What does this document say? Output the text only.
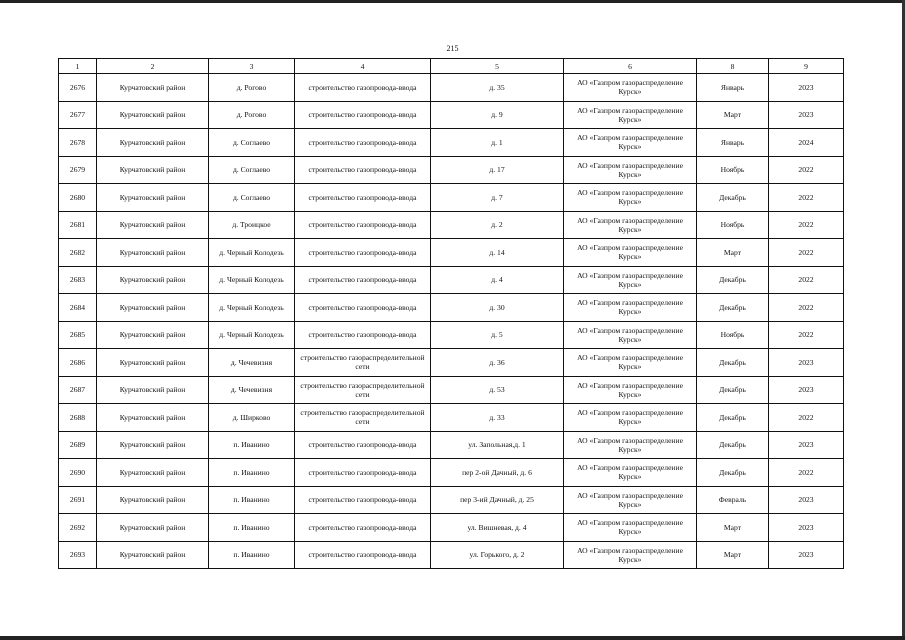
215
1	2	3	4	5	6	8	9
2676	Курчатовский район	д. Рогово	строительство газопровода-ввода	д. 35	АО «Газпром газораспределение Курск»	Январь	2023
2677	Курчатовский район	д. Рогово	строительство газопровода-ввода	д. 9	АО «Газпром газораспределение Курск»	Март	2023
2678	Курчатовский район	д. Соглаево	строительство газопровода-ввода	д. 1	АО «Газпром газораспределение Курск»	Январь	2024
2679	Курчатовский район	д. Соглаево	строительство газопровода-ввода	д. 17	АО «Газпром газораспределение Курск»	Ноябрь	2022
2680	Курчатовский район	д. Соглаево	строительство газопровода-ввода	д. 7	АО «Газпром газораспределение Курск»	Декабрь	2022
2681	Курчатовский район	д. Троицкое	строительство газопровода-ввода	д. 2	АО «Газпром газораспределение Курск»	Ноябрь	2022
2682	Курчатовский район	д. Черный Колодезь	строительство газопровода-ввода	д. 14	АО «Газпром газораспределение Курск»	Март	2022
2683	Курчатовский район	д. Черный Колодезь	строительство газопровода-ввода	д. 4	АО «Газпром газораспределение Курск»	Декабрь	2022
2684	Курчатовский район	д. Черный Колодезь	строительство газопровода-ввода	д. 30	АО «Газпром газораспределение Курск»	Декабрь	2022
2685	Курчатовский район	д. Черный Колодезь	строительство газопровода-ввода	д. 5	АО «Газпром газораспределение Курск»	Ноябрь	2022
2686	Курчатовский район	д. Чечевизня	строительство газораспределительной сети	д. 36	АО «Газпром газораспределение Курск»	Декабрь	2023
2687	Курчатовский район	д. Чечевизня	строительство газораспределительной сети	д. 53	АО «Газпром газораспределение Курск»	Декабрь	2023
2688	Курчатовский район	д. Ширково	строительство газораспределительной сети	д. 33	АО «Газпром газораспределение Курск»	Декабрь	2022
2689	Курчатовский район	п. Иванино	строительство газопровода-ввода	ул. Запольная,д. 1	АО «Газпром газораспределение Курск»	Декабрь	2023
2690	Курчатовский район	п. Иванино	строительство газопровода-ввода	пер 2-ой Дачный, д. 6	АО «Газпром газораспределение Курск»	Декабрь	2022
2691	Курчатовский район	п. Иванино	строительство газопровода-ввода	пер 3-ий Дачный, д. 25	АО «Газпром газораспределение Курск»	Февраль	2023
2692	Курчатовский район	п. Иванино	строительство газопровода-ввода	ул. Вишневая, д. 4	АО «Газпром газораспределение Курск»	Март	2023
2693	Курчатовский район	п. Иванино	строительство газопровода-ввода	ул. Горького, д. 2	АО «Газпром газораспределение Курск»	Март	2023
